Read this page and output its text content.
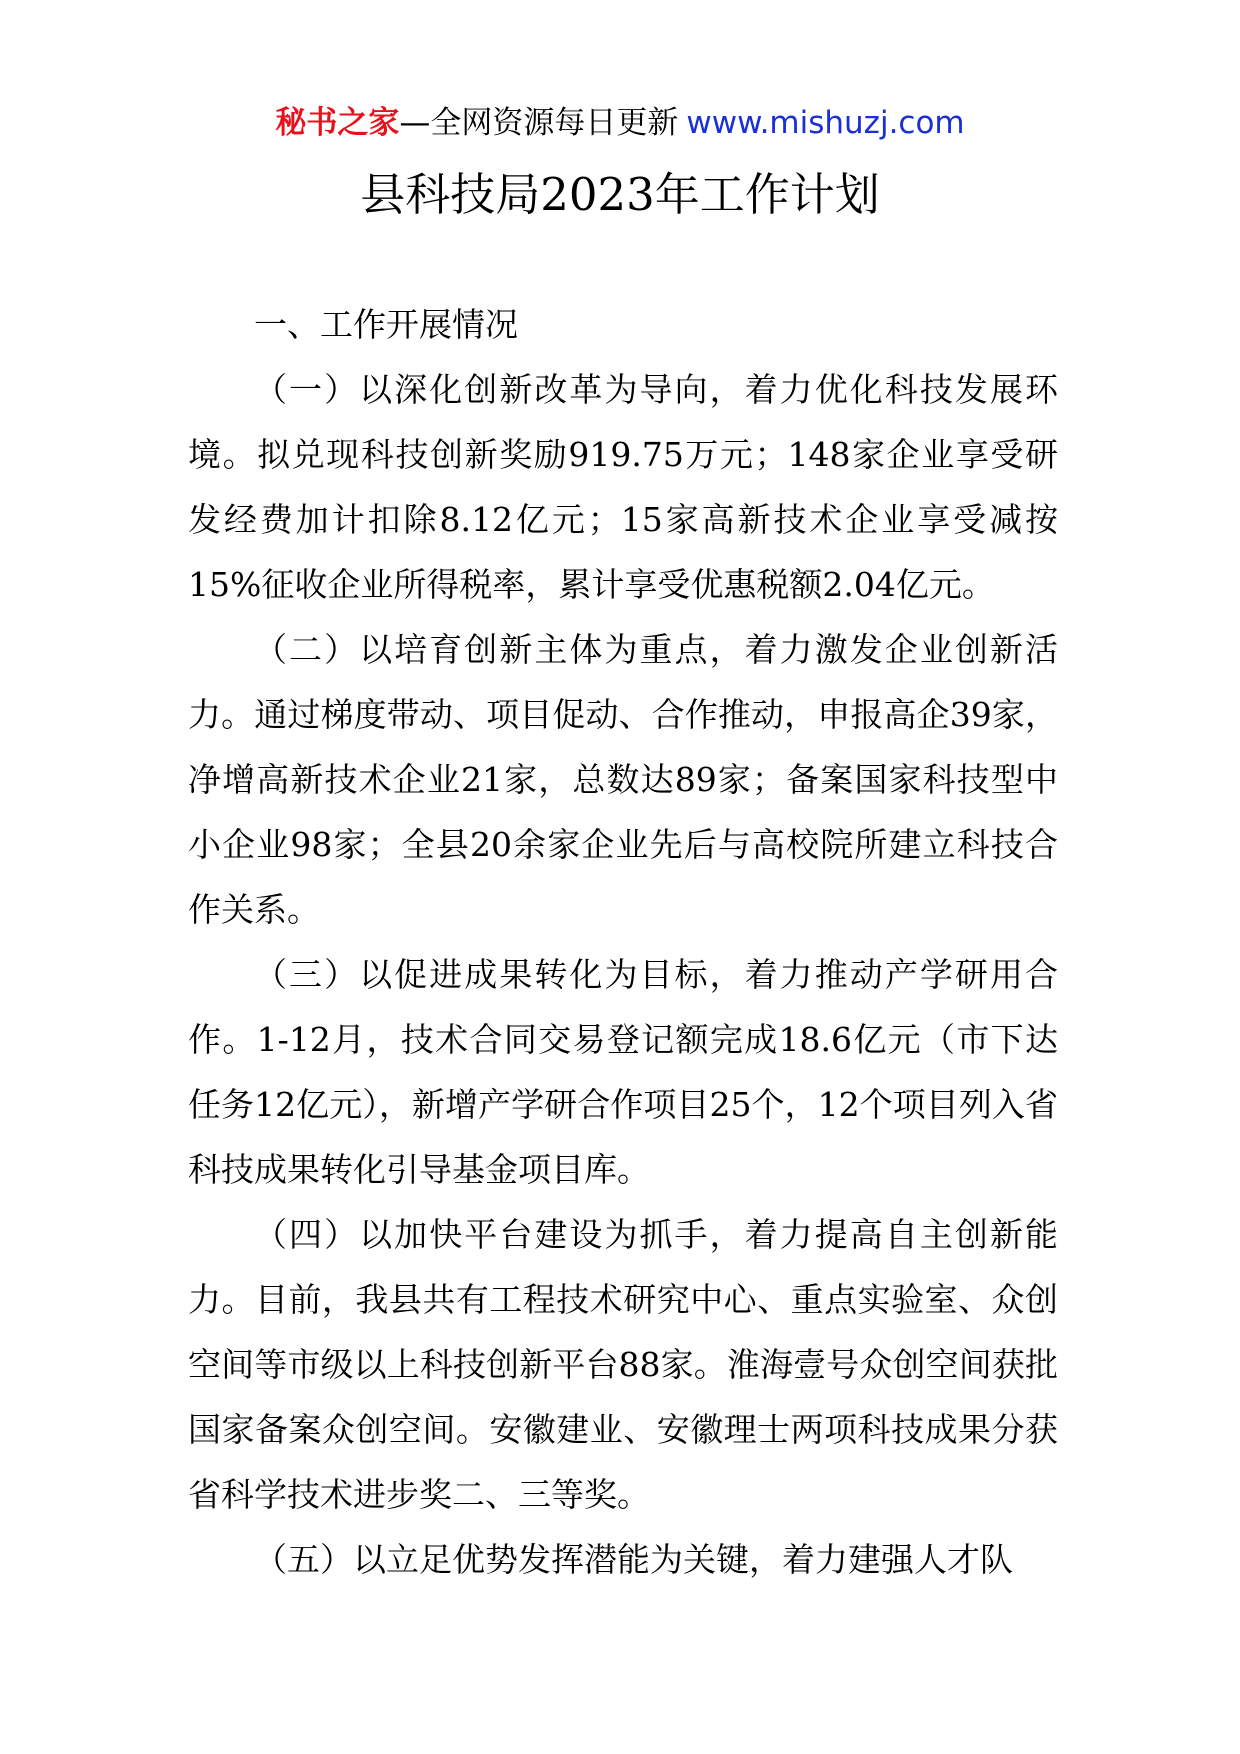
秘书之家—全网资源每日更新 www.mishuzj.com
县科技局2023年工作计划

一、工作开展情况

（一）以深化创新改革为导向，着力优化科技发展环境。拟兑现科技创新奖励919.75万元；148家企业享受研发经费加计扣除8.12亿元；15家高新技术企业享受减按15%征收企业所得税率，累计享受优惠税额2.04亿元。

（二）以培育创新主体为重点，着力激发企业创新活力。通过梯度带动、项目促动、合作推动，申报高企39家，净增高新技术企业21家，总数达89家；备案国家科技型中小企业98家；全县20余家企业先后与高校院所建立科技合作关系。

（三）以促进成果转化为目标，着力推动产学研用合作。1-12月，技术合同交易登记额完成18.6亿元（市下达任务12亿元），新增产学研合作项目25个，12个项目列入省科技成果转化引导基金项目库。

（四）以加快平台建设为抓手，着力提高自主创新能力。目前，我县共有工程技术研究中心、重点实验室、众创空间等市级以上科技创新平台88家。淮海壹号众创空间获批国家备案众创空间。安徽建业、安徽理士两项科技成果分获省科学技术进步奖二、三等奖。

（五）以立足优势发挥潜能为关键，着力建强人才队
